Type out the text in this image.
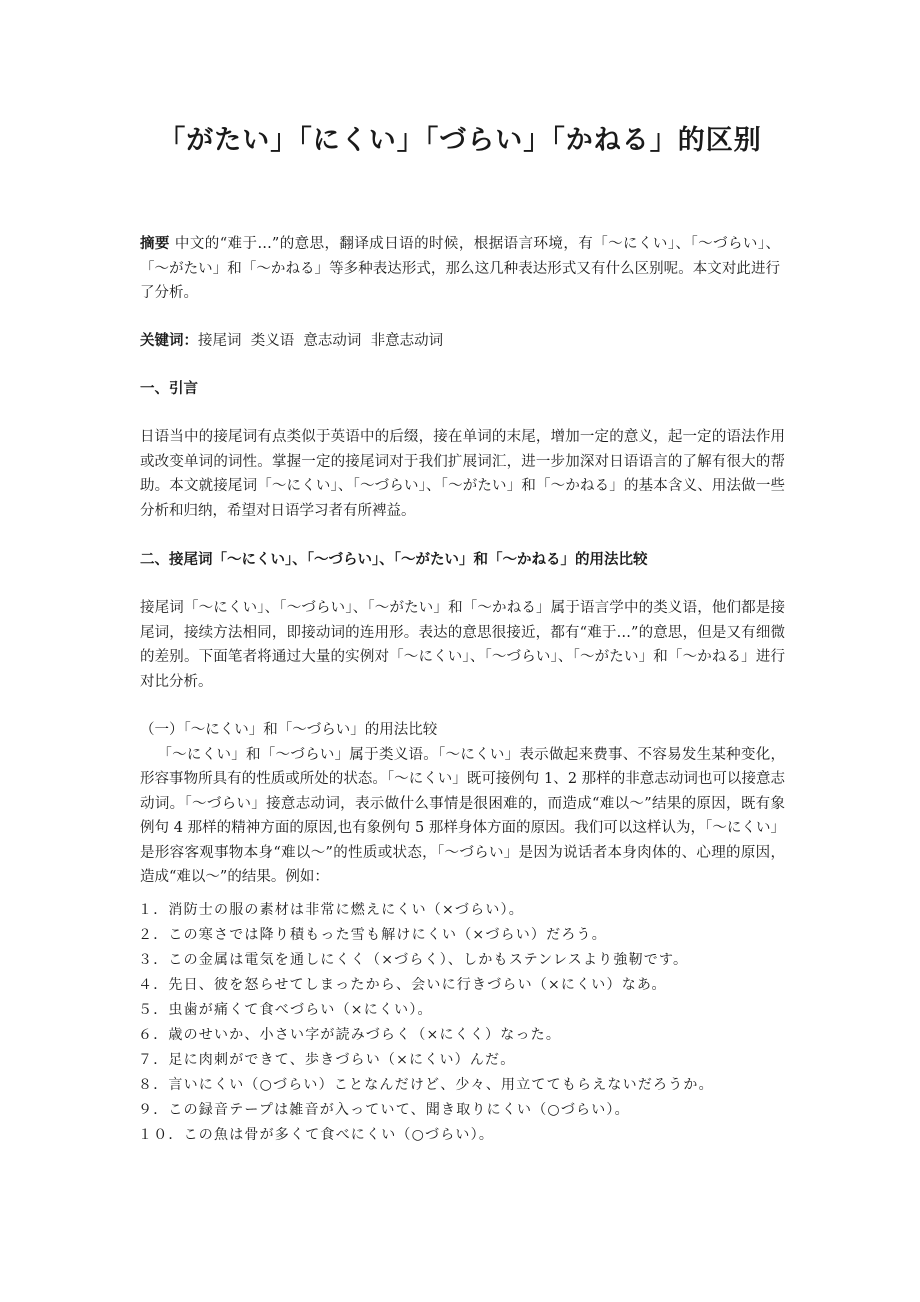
「がたい」「にくい」「づらい」「かねる」的区别

摘要 中文的“难于…”的意思，翻译成日语的时候，根据语言环境，有「～にくい」、「～づらい」、「～がたい」和「～かねる」等多种表达形式，那么这几种表达形式又有什么区别呢。本文对此进行了分析。

关键词：接尾词  类义语  意志动词  非意志动词

一、引言

日语当中的接尾词有点类似于英语中的后缀，接在单词的末尾，增加一定的意义，起一定的语法作用或改变单词的词性。掌握一定的接尾词对于我们扩展词汇，进一步加深对日语语言的了解有很大的帮助。本文就接尾词「～にくい」、「～づらい」、「～がたい」和「～かねる」的基本含义、用法做一些分析和归纳，希望对日语学习者有所裨益。

二、接尾词「～にくい」、「～づらい」、「～がたい」和「～かねる」的用法比较

接尾词「～にくい」、「～づらい」、「～がたい」和「～かねる」属于语言学中的类义语，他们都是接尾词，接续方法相同，即接动词的连用形。表达的意思很接近，都有“难于…”的意思，但是又有细微的差别。下面笔者将通过大量的实例对「～にくい」、「～づらい」、「～がたい」和「～かねる」进行对比分析。

（一）「～にくい」和「～づらい」的用法比较

「～にくい」和「～づらい」属于类义语。「～にくい」表示做起来费事、不容易发生某种变化，形容事物所具有的性质或所处的状态。「～にくい」既可接例句 1、2 那样的非意志动词也可以接意志动词。「～づらい」接意志动词，表示做什么事情是很困难的，而造成“难以～”结果的原因，既有象例句 4 那样的精神方面的原因,也有象例句 5 那样身体方面的原因。我们可以这样认为，「～にくい」是形容客观事物本身“难以～”的性质或状态，「～づらい」是因为说话者本身肉体的、心理的原因，造成“难以～”的结果。例如：

１．消防士の服の素材は非常に燃えにくい（×づらい）。

２．この寒さでは降り積もった雪も解けにくい（×づらい）だろう。

３．この金属は電気を通しにくく（×づらく）、しかもステンレスより強靭です。

４．先日、彼を怒らせてしまったから、会いに行きづらい（×にくい）なあ。

５．虫歯が痛くて食べづらい（×にくい）。

６．歳のせいか、小さい字が読みづらく（×にくく）なった。

７．足に肉刺ができて、歩きづらい（×にくい）んだ。

８．言いにくい（○づらい）ことなんだけど、少々、用立ててもらえないだろうか。

９．この録音テープは雑音が入っていて、聞き取りにくい（○づらい）。

１０．この魚は骨が多くて食べにくい（○づらい）。
